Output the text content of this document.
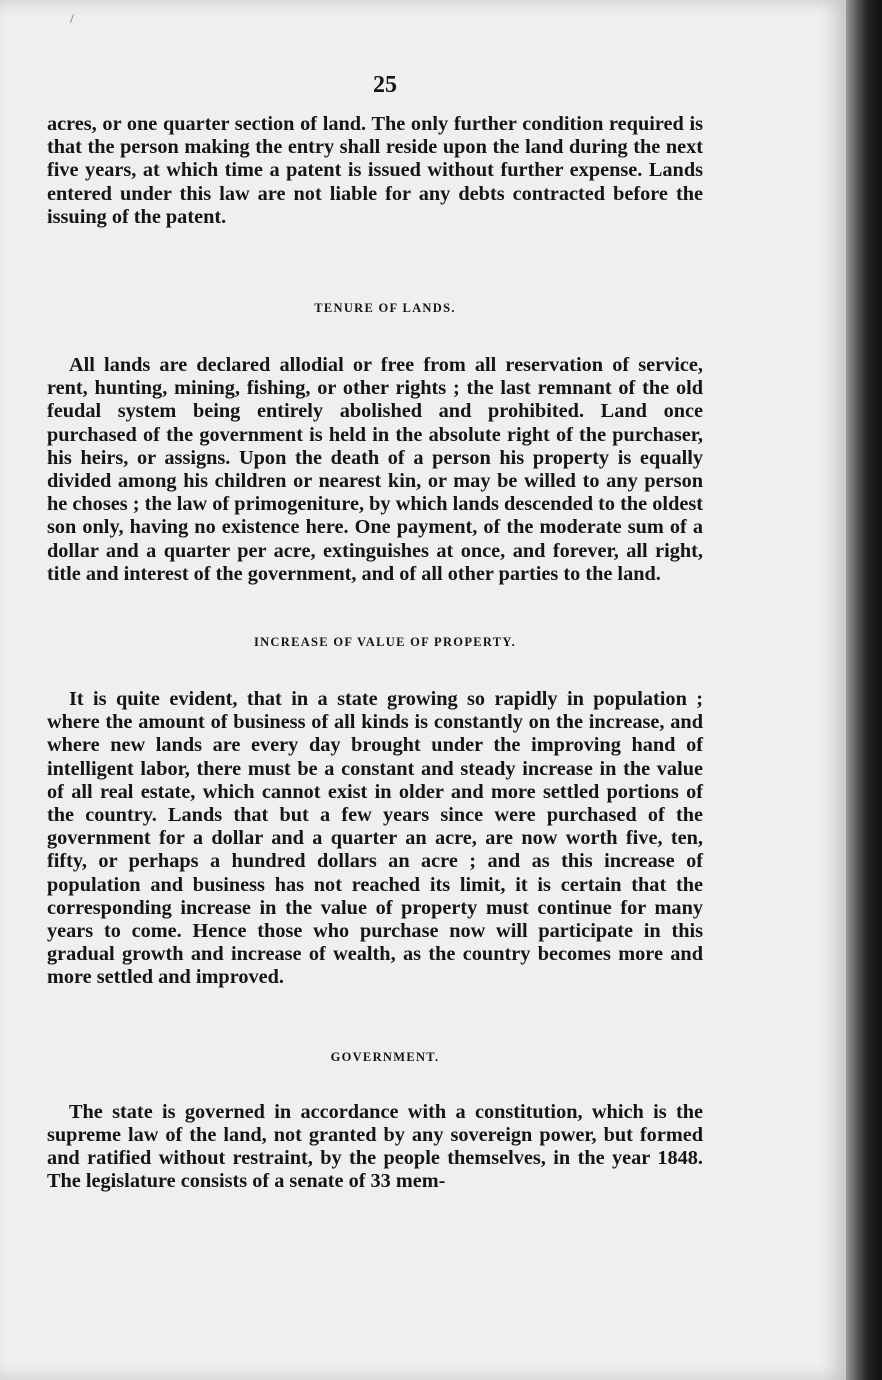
/
25

acres, or one quarter section of land. The only further condition required is that the person making the entry shall reside upon the land during the next five years, at which time a patent is issued without further expense. Lands entered under this law are not liable for any debts contracted before the issuing of the patent.

TENURE OF LANDS.

All lands are declared allodial or free from all reservation of service, rent, hunting, mining, fishing, or other rights ; the last remnant of the old feudal system being entirely abolished and prohibited. Land once purchased of the government is held in the absolute right of the purchaser, his heirs, or assigns. Upon the death of a person his property is equally divided among his children or nearest kin, or may be willed to any person he choses ; the law of primogeniture, by which lands descended to the oldest son only, having no existence here. One payment, of the moderate sum of a dollar and a quarter per acre, extinguishes at once, and forever, all right, title and interest of the government, and of all other parties to the land.

INCREASE OF VALUE OF PROPERTY.

It is quite evident, that in a state growing so rapidly in population ; where the amount of business of all kinds is constantly on the increase, and where new lands are every day brought under the improving hand of intelligent labor, there must be a constant and steady increase in the value of all real estate, which cannot exist in older and more settled portions of the country. Lands that but a few years since were purchased of the government for a dollar and a quarter an acre, are now worth five, ten, fifty, or perhaps a hundred dollars an acre ; and as this increase of population and business has not reached its limit, it is certain that the corresponding increase in the value of property must continue for many years to come. Hence those who purchase now will participate in this gradual growth and increase of wealth, as the country becomes more and more settled and improved.

GOVERNMENT.

The state is governed in accordance with a constitution, which is the supreme law of the land, not granted by any sovereign power, but formed and ratified without restraint, by the people themselves, in the year 1848. The legislature consists of a senate of 33 mem-
